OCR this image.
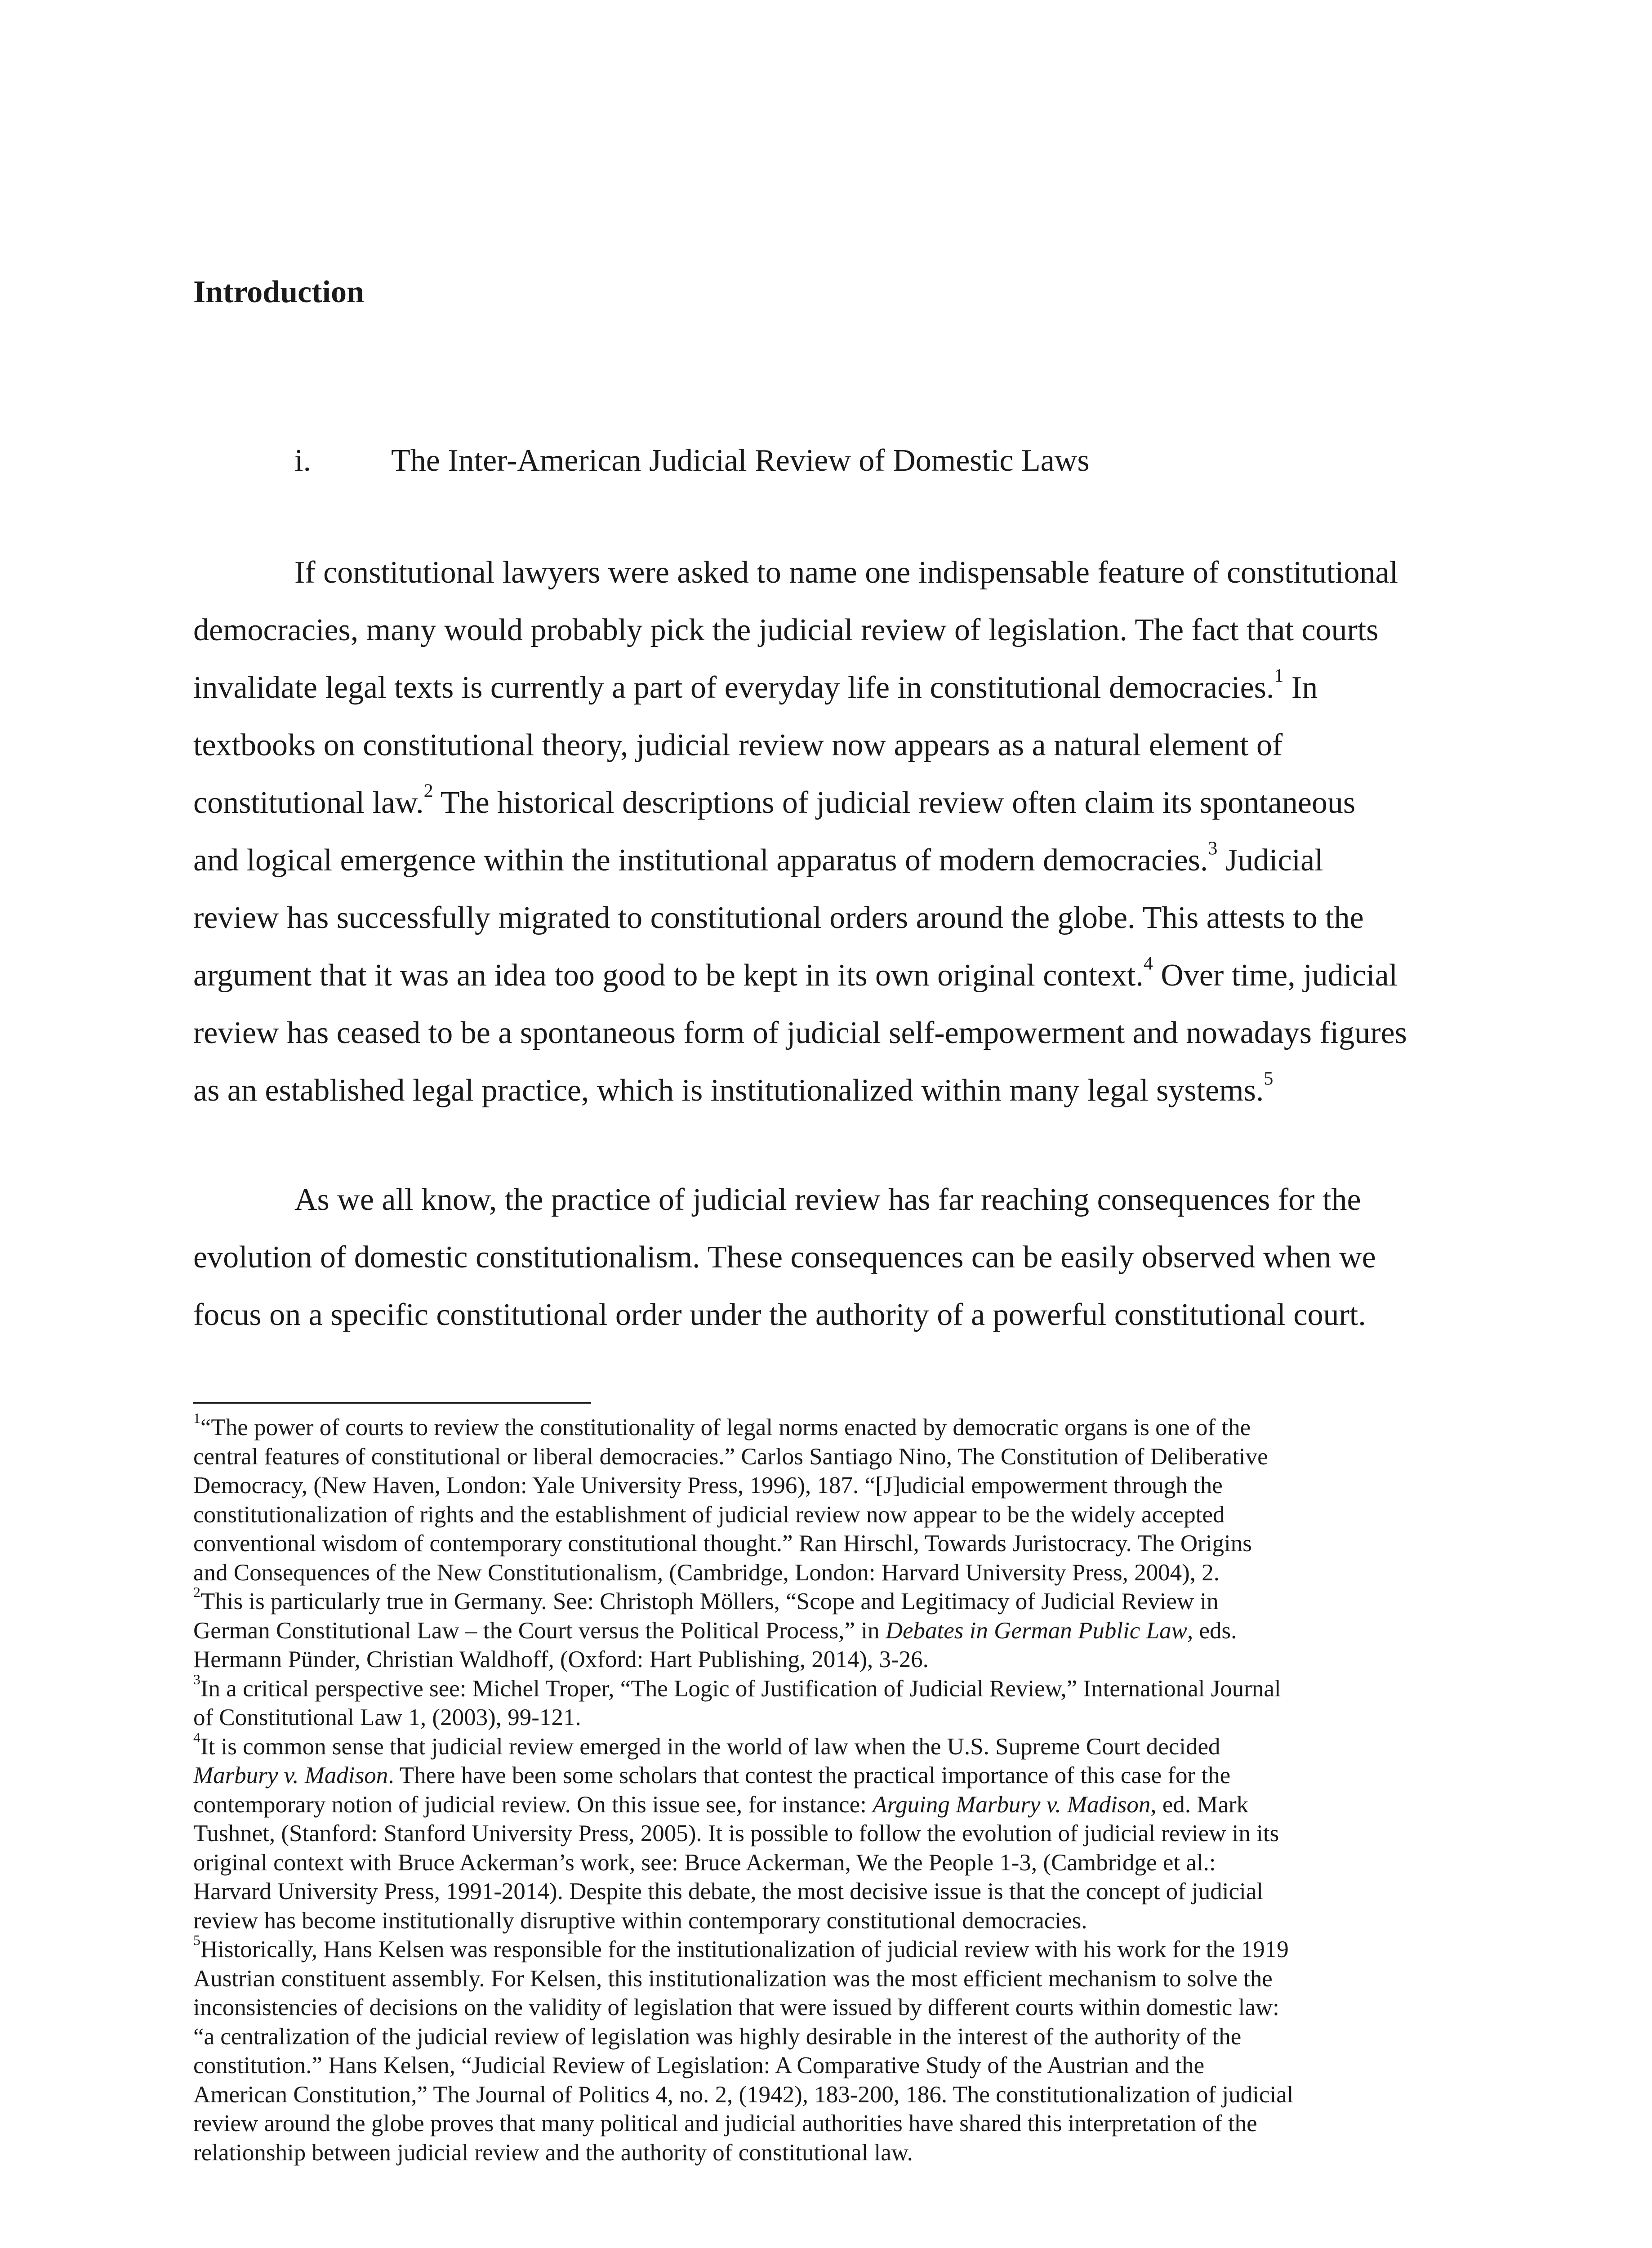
Introduction
i.	The Inter-American Judicial Review of Domestic Laws
If constitutional lawyers were asked to name one indispensable feature of constitutional
democracies, many would probably pick the judicial review of legislation. The fact that courts
invalidate legal texts is currently a part of everyday life in constitutional democracies.$^1$ In
textbooks on constitutional theory, judicial review now appears as a natural element of
constitutional law.$^2$ The historical descriptions of judicial review often claim its spontaneous
and logical emergence within the institutional apparatus of modern democracies.$^3$ Judicial
review has successfully migrated to constitutional orders around the globe. This attests to the
argument that it was an idea too good to be kept in its own original context.$^4$ Over time, judicial
review has ceased to be a spontaneous form of judicial self-empowerment and nowadays figures
as an established legal practice, which is institutionalized within many legal systems.$^5$
As we all know, the practice of judicial review has far reaching consequences for the
evolution of domestic constitutionalism. These consequences can be easily observed when we
focus on a specific constitutional order under the authority of a powerful constitutional court.
$^1$“The power of courts to review the constitutionality of legal norms enacted by democratic organs is one of the
central features of constitutional or liberal democracies.” Carlos Santiago Nino, The Constitution of Deliberative
Democracy, (New Haven, London: Yale University Press, 1996), 187. “[J]udicial empowerment through the
constitutionalization of rights and the establishment of judicial review now appear to be the widely accepted
conventional wisdom of contemporary constitutional thought.” Ran Hirschl, Towards Juristocracy. The Origins
and Consequences of the New Constitutionalism, (Cambridge, London: Harvard University Press, 2004), 2.
$^2$This is particularly true in Germany. See: Christoph Möllers, “Scope and Legitimacy of Judicial Review in
German Constitutional Law – the Court versus the Political Process,” in Debates in German Public Law, eds.
Hermann Pünder, Christian Waldhoff, (Oxford: Hart Publishing, 2014), 3-26.
$^3$In a critical perspective see: Michel Troper, “The Logic of Justification of Judicial Review,” International Journal
of Constitutional Law 1, (2003), 99-121.
$^4$It is common sense that judicial review emerged in the world of law when the U.S. Supreme Court decided
Marbury v. Madison. There have been some scholars that contest the practical importance of this case for the
contemporary notion of judicial review. On this issue see, for instance: Arguing Marbury v. Madison, ed. Mark
Tushnet, (Stanford: Stanford University Press, 2005). It is possible to follow the evolution of judicial review in its
original context with Bruce Ackerman’s work, see: Bruce Ackerman, We the People 1-3, (Cambridge et al.:
Harvard University Press, 1991-2014). Despite this debate, the most decisive issue is that the concept of judicial
review has become institutionally disruptive within contemporary constitutional democracies.
$^5$Historically, Hans Kelsen was responsible for the institutionalization of judicial review with his work for the 1919
Austrian constituent assembly. For Kelsen, this institutionalization was the most efficient mechanism to solve the
inconsistencies of decisions on the validity of legislation that were issued by different courts within domestic law:
“a centralization of the judicial review of legislation was highly desirable in the interest of the authority of the
constitution.” Hans Kelsen, “Judicial Review of Legislation: A Comparative Study of the Austrian and the
American Constitution,” The Journal of Politics 4, no. 2, (1942), 183-200, 186. The constitutionalization of judicial
review around the globe proves that many political and judicial authorities have shared this interpretation of the
relationship between judicial review and the authority of constitutional law.
